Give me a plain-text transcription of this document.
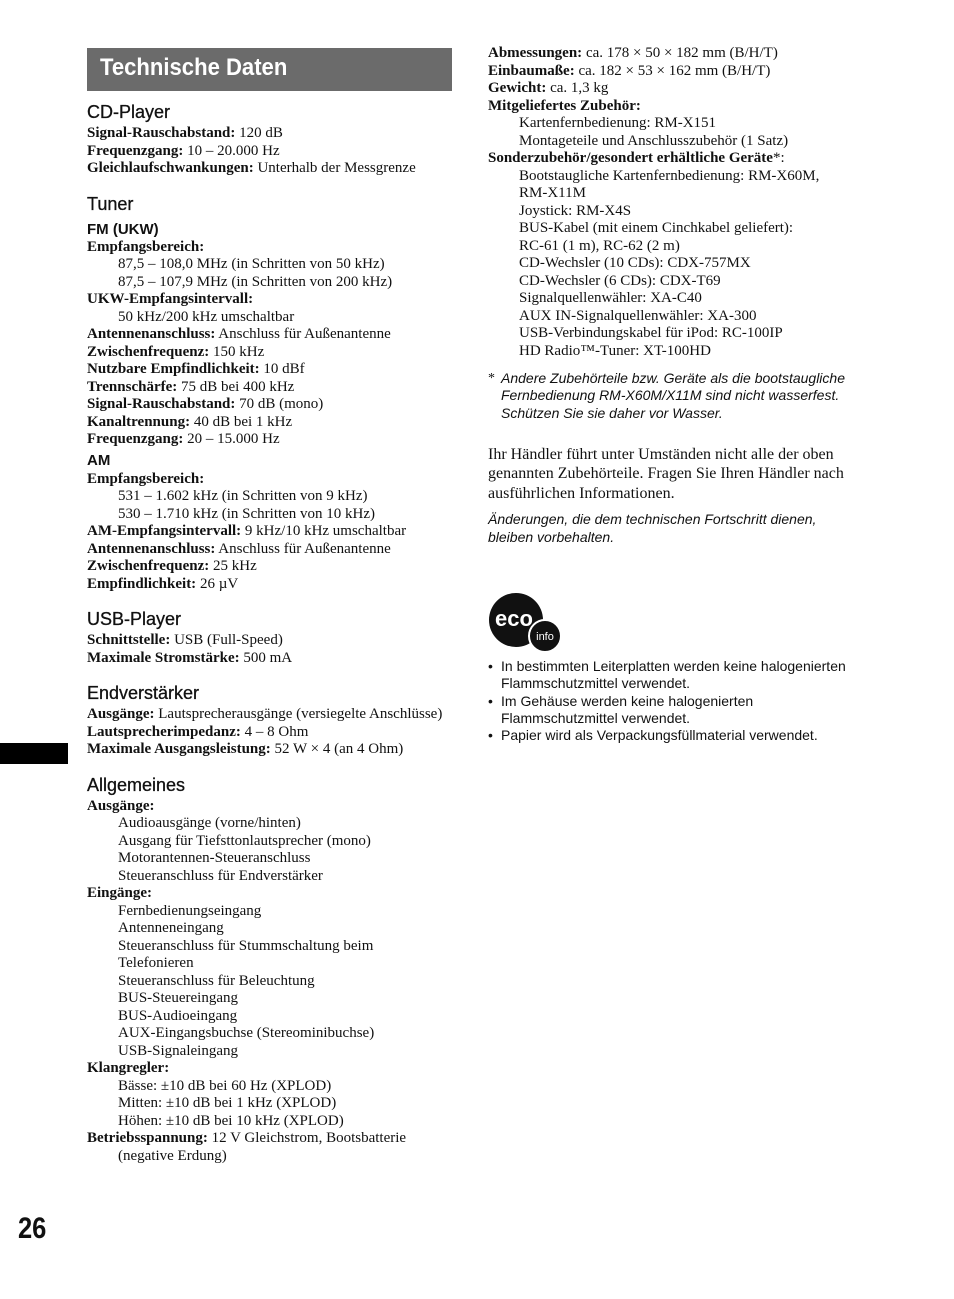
Technische Daten
CD-Player

Signal-Rauschabstand: 120 dB

Frequenzgang: 10 – 20.000 Hz

Gleichlaufschwankungen: Unterhalb der Messgrenze

Tuner
FM (UKW)

Empfangsbereich:

87,5 – 108,0 MHz (in Schritten von 50 kHz)

87,5 – 107,9 MHz (in Schritten von 200 kHz)

UKW-Empfangsintervall:

50 kHz/200 kHz umschaltbar

Antennenanschluss: Anschluss für Außenantenne

Zwischenfrequenz: 150 kHz

Nutzbare Empfindlichkeit: 10 dBf

Trennschärfe: 75 dB bei 400 kHz

Signal-Rauschabstand: 70 dB (mono)

Kanaltrennung: 40 dB bei 1 kHz

Frequenzgang: 20 – 15.000 Hz

AM

Empfangsbereich:

531 – 1.602 kHz (in Schritten von 9 kHz)

530 – 1.710 kHz (in Schritten von 10 kHz)

AM-Empfangsintervall: 9 kHz/10 kHz umschaltbar

Antennenanschluss: Anschluss für Außenantenne

Zwischenfrequenz: 25 kHz

Empfindlichkeit: 26 µV

USB-Player

Schnittstelle: USB (Full-Speed)

Maximale Stromstärke: 500 mA

Endverstärker

Ausgänge: Lautsprecherausgänge (versiegelte Anschlüsse)

Lautsprecherimpedanz: 4 – 8 Ohm

Maximale Ausgangsleistung: 52 W × 4 (an 4 Ohm)

Allgemeines

Ausgänge:

Audioausgänge (vorne/hinten)

Ausgang für Tiefsttonlautsprecher (mono)

Motorantennen-Steueranschluss

Steueranschluss für Endverstärker

Eingänge:

Fernbedienungseingang

Antenneneingang

Steueranschluss für Stummschaltung beim

Telefonieren

Steueranschluss für Beleuchtung

BUS-Steuereingang

BUS-Audioeingang

AUX-Eingangsbuchse (Stereominibuchse)

USB-Signaleingang

Klangregler:

Bässe: ±10 dB bei 60 Hz (XPLOD)

Mitten: ±10 dB bei 1 kHz (XPLOD)

Höhen: ±10 dB bei 10 kHz (XPLOD)

Betriebsspannung: 12 V Gleichstrom, Bootsbatterie (negative Erdung)

Abmessungen: ca. 178 × 50 × 182 mm (B/H/T)

Einbaumaße: ca. 182 × 53 × 162 mm (B/H/T)

Gewicht: ca. 1,3 kg

Mitgeliefertes Zubehör:

Kartenfernbedienung: RM-X151

Montageteile und Anschlusszubehör (1 Satz)

Sonderzubehör/gesondert erhältliche Geräte*:

Bootstaugliche Kartenfernbedienung: RM-X60M,

RM-X11M

Joystick: RM-X4S

BUS-Kabel (mit einem Cinchkabel geliefert):

RC-61 (1 m), RC-62 (2 m)

CD-Wechsler (10 CDs): CDX-757MX

CD-Wechsler (6 CDs): CDX-T69

Signalquellenwähler: XA-C40

AUX IN-Signalquellenwähler: XA-300

USB-Verbindungskabel für iPod: RC-100IP

HD Radio™-Tuner: XT-100HD

* Andere Zubehörteile bzw. Geräte als die bootstaugliche Fernbedienung RM-X60M/X11M sind nicht wasserfest. Schützen Sie sie daher vor Wasser.

Ihr Händler führt unter Umständen nicht alle der oben genannten Zubehörteile. Fragen Sie Ihren Händler nach ausführlichen Informationen.

Änderungen, die dem technischen Fortschritt dienen, bleiben vorbehalten.

eco
info

• In bestimmten Leiterplatten werden keine halogenierten Flammschutzmittel verwendet.

• Im Gehäuse werden keine halogenierten Flammschutzmittel verwendet.

• Papier wird als Verpackungsfüllmaterial verwendet.

26
